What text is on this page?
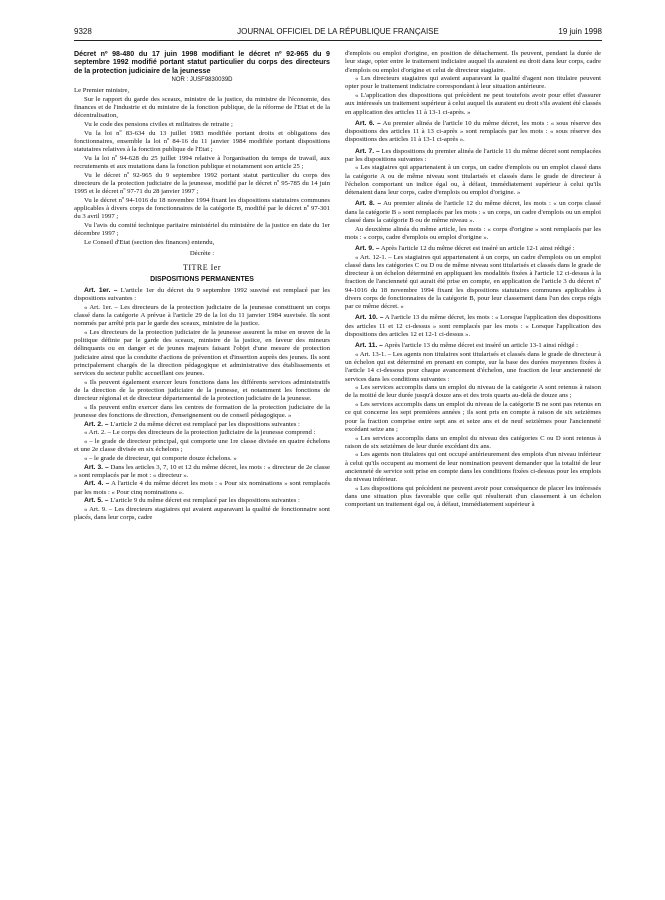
9328	JOURNAL OFFICIEL DE LA RÉPUBLIQUE FRANÇAISE	19 juin 1998

Décret nº 98-480 du 17 juin 1998 modifiant le décret nº 92-965 du 9 septembre 1992 modifié portant statut particulier du corps des directeurs de la protection judiciaire de la jeunesse

NOR : JUSF9830039D

Le Premier ministre,

Sur le rapport du garde des sceaux, ministre de la justice, du ministre de l'économie, des finances et de l'industrie et du ministre de la fonction publique, de la réforme de l'Etat et de la décentralisation,

Vu le code des pensions civiles et militaires de retraite ;

Vu la loi nº 83-634 du 13 juillet 1983 modifiée portant droits et obligations des fonctionnaires, ensemble la loi nº 84-16 du 11 janvier 1984 modifiée portant dispositions statutaires relatives à la fonction publique de l'Etat ;

Vu la loi nº 94-628 du 25 juillet 1994 relative à l'organisation du temps de travail, aux recrutements et aux mutations dans la fonction publique et notamment son article 25 ;

Vu le décret nº 92-965 du 9 septembre 1992 portant statut particulier du corps des directeurs de la protection judiciaire de la jeunesse, modifié par le décret nº 95-785 du 14 juin 1995 et le décret nº 97-71 du 28 janvier 1997 ;

Vu le décret nº 94-1016 du 18 novembre 1994 fixant les dispositions statutaires communes applicables à divers corps de fonctionnaires de la catégorie B, modifié par le décret nº 97-301 du 3 avril 1997 ;

Vu l'avis du comité technique paritaire ministériel du ministère de la justice en date du 1er décembre 1997 ;

Le Conseil d'Etat (section des finances) entendu,

Décrète :

TITRE Ier

DISPOSITIONS PERMANENTES

Art. 1er. – L'article 1er du décret du 9 septembre 1992 susvisé est remplacé par les dispositions suivantes :

« Art. 1er. – Les directeurs de la protection judiciaire de la jeunesse constituent un corps classé dans la catégorie A prévue à l'article 29 de la loi du 11 janvier 1984 susvisée. Ils sont nommés par arrêté pris par le garde des sceaux, ministre de la justice.

« Les directeurs de la protection judiciaire de la jeunesse assurent la mise en œuvre de la politique définie par le garde des sceaux, ministre de la justice, en faveur des mineurs délinquants ou en danger et de jeunes majeurs faisant l'objet d'une mesure de protection judiciaire ainsi que la conduite d'actions de prévention et d'insertion auprès des jeunes. Ils sont principalement chargés de la direction pédagogique et administrative des établissements et services du secteur public accueillant ces jeunes.

« Ils peuvent également exercer leurs fonctions dans les différents services administratifs de la direction de la protection judiciaire de la jeunesse, et notamment les fonctions de directeur régional et de directeur départemental de la protection judiciaire de la jeunesse.

« Ils peuvent enfin exercer dans les centres de formation de la protection judiciaire de la jeunesse des fonctions de direction, d'enseignement ou de conseil pédagogique. »

Art. 2. – L'article 2 du même décret est remplacé par les dispositions suivantes :

« Art. 2. – Le corps des directeurs de la protection judiciaire de la jeunesse comprend :

« – le grade de directeur principal, qui comporte une 1re classe divisée en quatre échelons et une 2e classe divisée en six échelons ;

« – le grade de directeur, qui comporte douze échelons. »

Art. 3. – Dans les articles 3, 7, 10 et 12 du même décret, les mots : « directeur de 2e classe » sont remplacés par le mot : « directeur ».

Art. 4. – A l'article 4 du même décret les mots : « Pour six nominations » sont remplacés par les mots : « Pour cinq nominations ».

Art. 5. – L'article 9 du même décret est remplacé par les dispositions suivantes :

« Art. 9. – Les directeurs stagiaires qui avaient auparavant la qualité de fonctionnaire sont placés, dans leur corps, cadre

d'emplois ou emploi d'origine, en position de détachement. Ils peuvent, pendant la durée de leur stage, opter entre le traitement indiciaire auquel ils auraient eu droit dans leur corps, cadre d'emplois ou emploi d'origine et celui de directeur stagiaire.

« Les directeurs stagiaires qui avaient auparavant la qualité d'agent non titulaire peuvent opter pour le traitement indiciaire correspondant à leur situation antérieure.

« L'application des dispositions qui précèdent ne peut toutefois avoir pour effet d'assurer aux intéressés un traitement supérieur à celui auquel ils auraient eu droit s'ils avaient été classés en application des articles 11 à 13-1 ci-après. »

Art. 6. – Au premier alinéa de l'article 10 du même décret, les mots : « sous réserve des dispositions des articles 11 à 13 ci-après » sont remplacés par les mots : « sous réserve des dispositions des articles 11 à 13-1 ci-après ».

Art. 7. – Les dispositions du premier alinéa de l'article 11 du même décret sont remplacées par les dispositions suivantes :

« Les stagiaires qui appartenaient à un corps, un cadre d'emplois ou un emploi classé dans la catégorie A ou de même niveau sont titularisés et classés dans le grade de directeur à l'échelon comportant un indice égal ou, à défaut, immédiatement supérieur à celui qu'ils détenaient dans leur corps, cadre d'emplois ou emploi d'origine. »

Art. 8. – Au premier alinéa de l'article 12 du même décret, les mots : « un corps classé dans la catégorie B » sont remplacés par les mots : « un corps, un cadre d'emplois ou un emploi classé dans la catégorie B ou de même niveau ».

Au deuxième alinéa du même article, les mots : « corps d'origine » sont remplacés par les mots : « corps, cadre d'emplois ou emploi d'origine ».

Art. 9. – Après l'article 12 du même décret est inséré un article 12-1 ainsi rédigé :

« Art. 12-1. – Les stagiaires qui appartenaient à un corps, un cadre d'emplois ou un emploi classé dans les catégories C ou D ou de même niveau sont titularisés et classés dans le grade de directeur à un échelon déterminé en appliquant les modalités fixées à l'article 12 ci-dessus à la fraction de l'ancienneté qui aurait été prise en compte, en application de l'article 3 du décret nº 94-1016 du 18 novembre 1994 fixant les dispositions statutaires communes applicables à divers corps de fonctionnaires de la catégorie B, pour leur classement dans l'un des corps régis par ce même décret. »

Art. 10. – A l'article 13 du même décret, les mots : « Lorsque l'application des dispositions des articles 11 et 12 ci-dessus » sont remplacés par les mots : « Lorsque l'application des dispositions des articles 12 et 12-1 ci-dessus ».

Art. 11. – Après l'article 13 du même décret est inséré un article 13-1 ainsi rédigé :

« Art. 13-1. – Les agents non titulaires sont titularisés et classés dans le grade de directeur à un échelon qui est déterminé en prenant en compte, sur la base des durées moyennes fixées à l'article 14 ci-dessous pour chaque avancement d'échelon, une fraction de leur ancienneté de services dans les conditions suivantes :

« Les services accomplis dans un emploi du niveau de la catégorie A sont retenus à raison de la moitié de leur durée jusqu'à douze ans et des trois quarts au-delà de douze ans ;

« Les services accomplis dans un emploi du niveau de la catégorie B ne sont pas retenus en ce qui concerne les sept premières années ; ils sont pris en compte à raison de six seizièmes pour la fraction comprise entre sept ans et seize ans et de neuf seizièmes pour l'ancienneté excédant seize ans ;

« Les services accomplis dans un emploi du niveau des catégories C ou D sont retenus à raison de six seizièmes de leur durée excédant dix ans.

« Les agents non titulaires qui ont occupé antérieurement des emplois d'un niveau inférieur à celui qu'ils occupent au moment de leur nomination peuvent demander que la totalité de leur ancienneté de service soit prise en compte dans les conditions fixées ci-dessus pour les emplois du niveau inférieur.

« Les dispositions qui précèdent ne peuvent avoir pour conséquence de placer les intéressés dans une situation plus favorable que celle qui résulterait d'un classement à un échelon comportant un traitement égal ou, à défaut, immédiatement supérieur à
